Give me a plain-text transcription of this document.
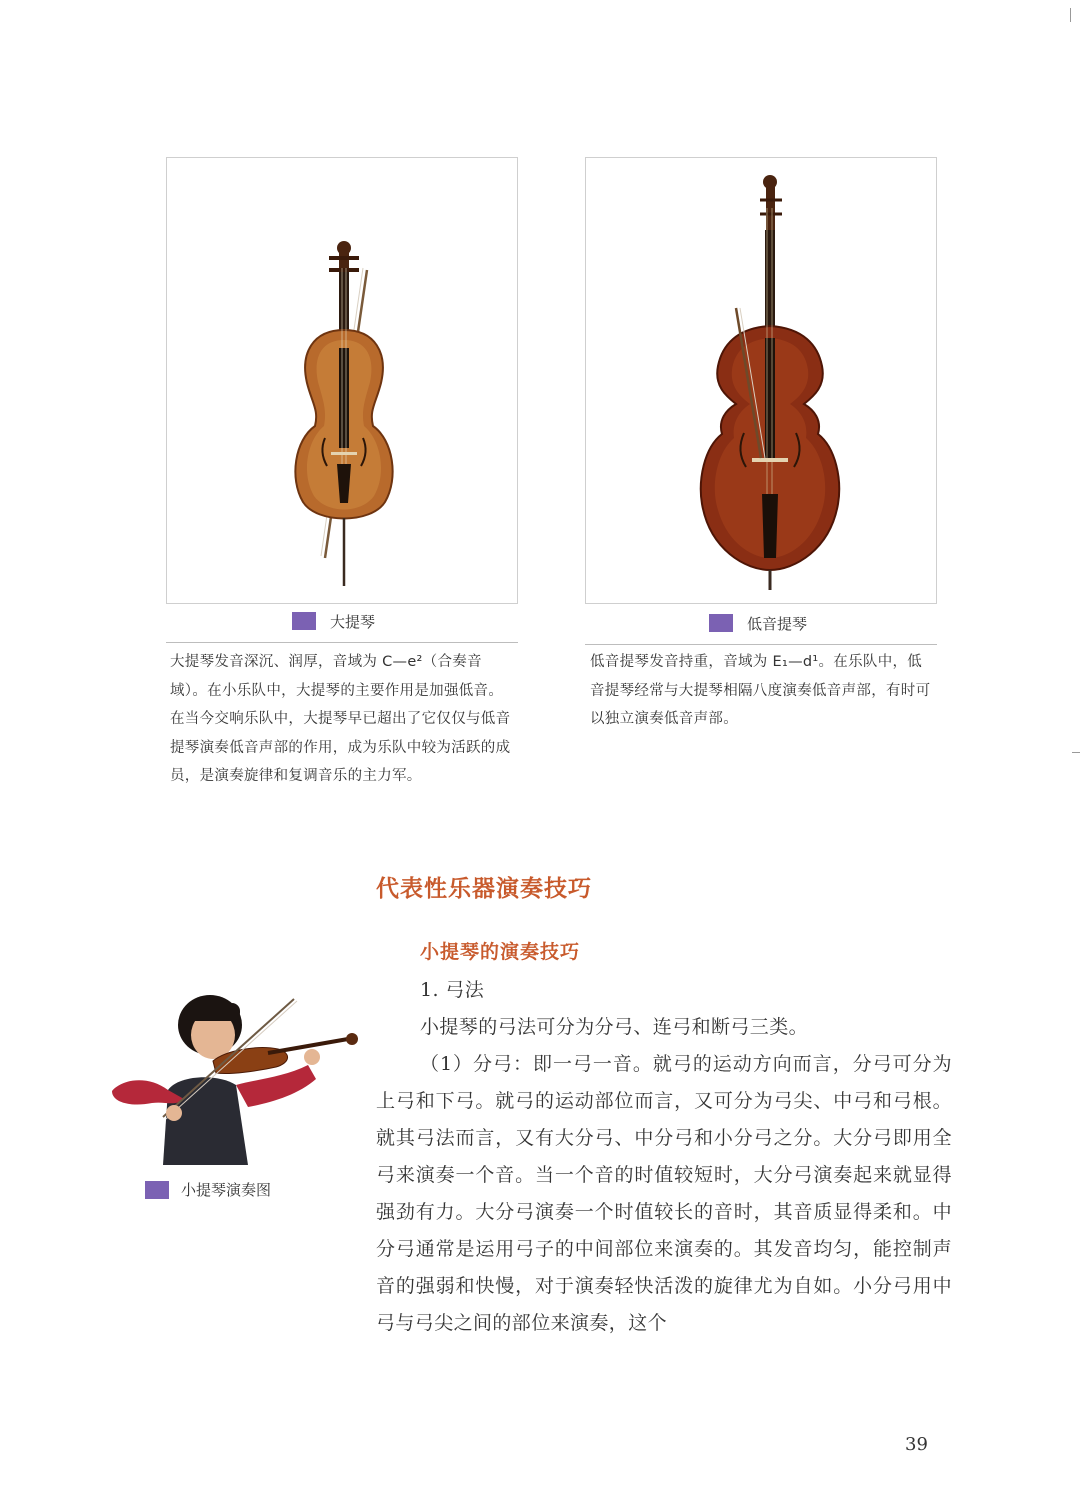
大提琴

大提琴发音深沉、润厚，音域为 C—e²（合奏音域）。在小乐队中，大提琴的主要作用是加强低音。在当今交响乐队中，大提琴早已超出了它仅仅与低音提琴演奏低音声部的作用，成为乐队中较为活跃的成员，是演奏旋律和复调音乐的主力军。

低音提琴

低音提琴发音持重，音域为 E₁—d¹。在乐队中，低音提琴经常与大提琴相隔八度演奏低音声部，有时可以独立演奏低音声部。

代表性乐器演奏技巧
小提琴的演奏技巧
小提琴演奏图

1. 弓法

小提琴的弓法可分为分弓、连弓和断弓三类。

（1）分弓：即一弓一音。就弓的运动方向而言，分弓可分为上弓和下弓。就弓的运动部位而言，又可分为弓尖、中弓和弓根。就其弓法而言，又有大分弓、中分弓和小分弓之分。大分弓即用全弓来演奏一个音。当一个音的时值较短时，大分弓演奏起来就显得强劲有力。大分弓演奏一个时值较长的音时，其音质显得柔和。中分弓通常是运用弓子的中间部位来演奏的。其发音均匀，能控制声音的强弱和快慢，对于演奏轻快活泼的旋律尤为自如。小分弓用中弓与弓尖之间的部位来演奏，这个

39
